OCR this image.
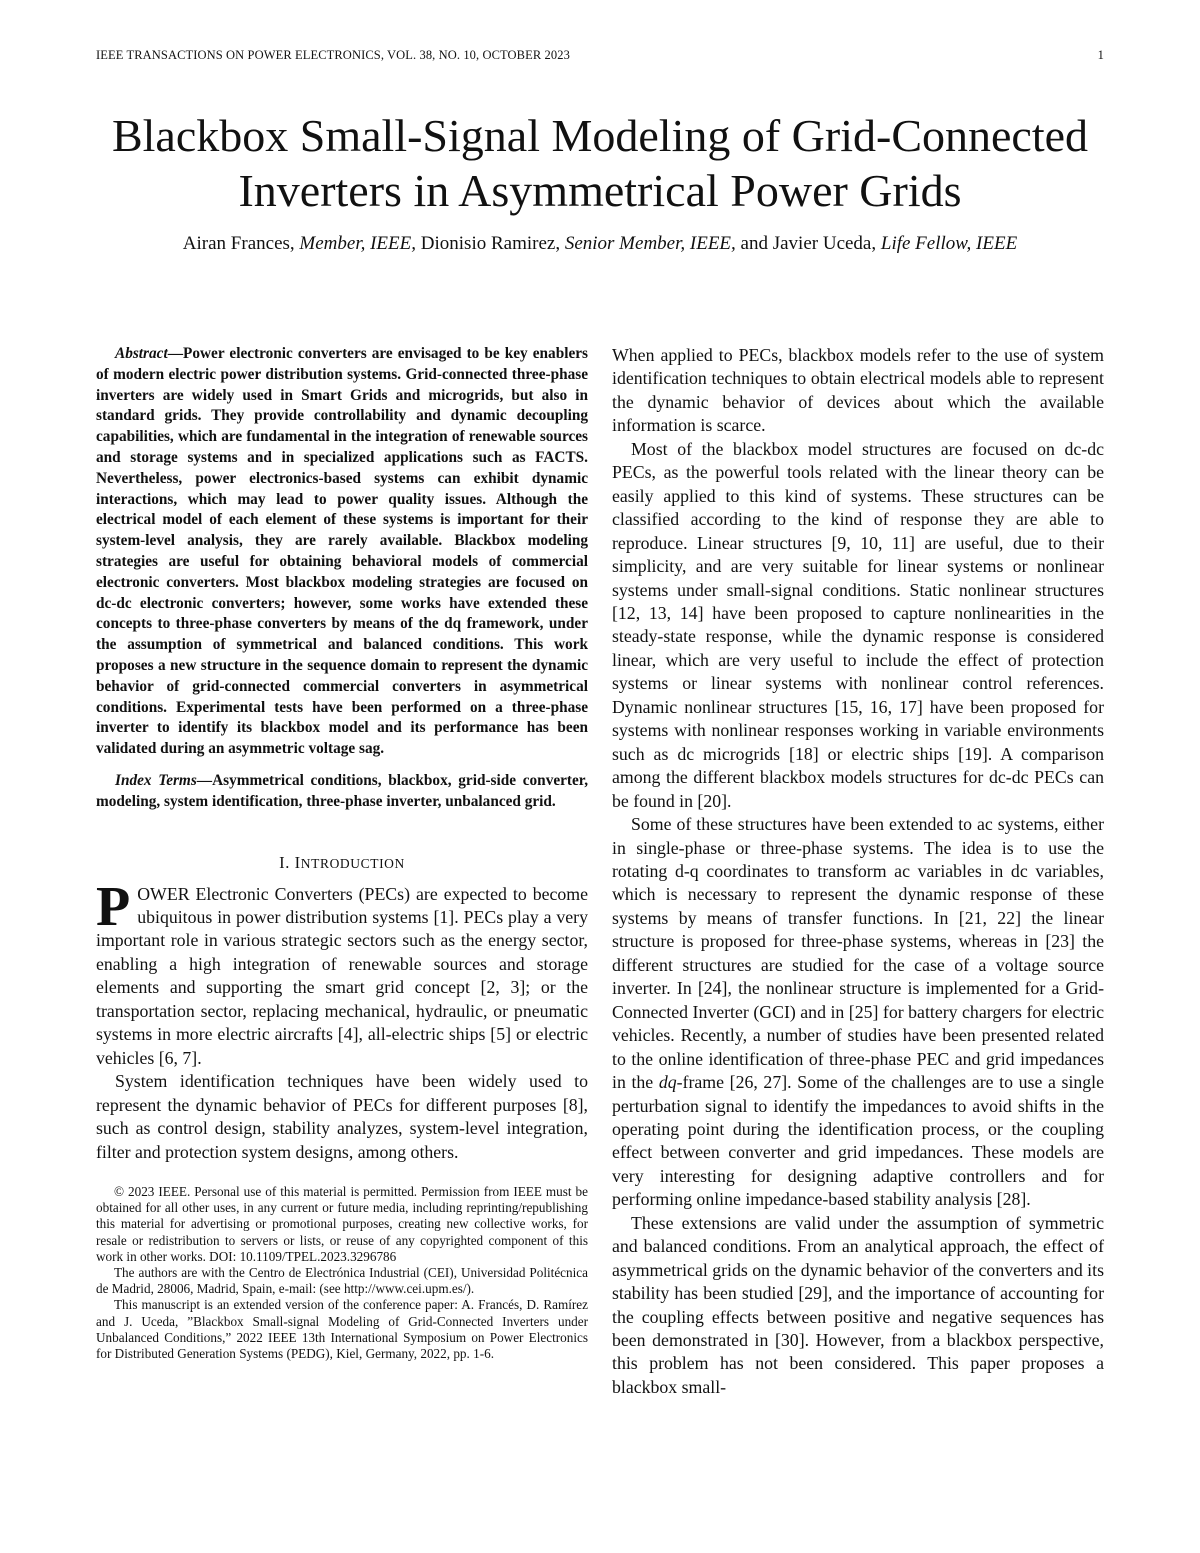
IEEE TRANSACTIONS ON POWER ELECTRONICS, VOL. 38, NO. 10, OCTOBER 2023	1
Blackbox Small-Signal Modeling of Grid-Connected Inverters in Asymmetrical Power Grids
Airan Frances, Member, IEEE, Dionisio Ramirez, Senior Member, IEEE, and Javier Uceda, Life Fellow, IEEE

Abstract—Power electronic converters are envisaged to be key enablers of modern electric power distribution systems. Grid-connected three-phase inverters are widely used in Smart Grids and microgrids, but also in standard grids. They provide controllability and dynamic decoupling capabilities, which are fundamental in the integration of renewable sources and storage systems and in specialized applications such as FACTS. Nevertheless, power electronics-based systems can exhibit dynamic interactions, which may lead to power quality issues. Although the electrical model of each element of these systems is important for their system-level analysis, they are rarely available. Blackbox modeling strategies are useful for obtaining behavioral models of commercial electronic converters. Most blackbox modeling strategies are focused on dc-dc electronic converters; however, some works have extended these concepts to three-phase converters by means of the dq framework, under the assumption of symmetrical and balanced conditions. This work proposes a new structure in the sequence domain to represent the dynamic behavior of grid-connected commercial converters in asymmetrical conditions. Experimental tests have been performed on a three-phase inverter to identify its blackbox model and its performance has been validated during an asymmetric voltage sag.

Index Terms—Asymmetrical conditions, blackbox, grid-side converter, modeling, system identification, three-phase inverter, unbalanced grid.

I. INTRODUCTION

POWER Electronic Converters (PECs) are expected to become ubiquitous in power distribution systems [1]. PECs play a very important role in various strategic sectors such as the energy sector, enabling a high integration of renewable sources and storage elements and supporting the smart grid concept [2, 3]; or the transportation sector, replacing mechanical, hydraulic, or pneumatic systems in more electric aircrafts [4], all-electric ships [5] or electric vehicles [6, 7].

System identification techniques have been widely used to represent the dynamic behavior of PECs for different purposes [8], such as control design, stability analyzes, system-level integration, filter and protection system designs, among others.

© 2023 IEEE. Personal use of this material is permitted. Permission from IEEE must be obtained for all other uses, in any current or future media, including reprinting/republishing this material for advertising or promotional purposes, creating new collective works, for resale or redistribution to servers or lists, or reuse of any copyrighted component of this work in other works. DOI: 10.1109/TPEL.2023.3296786

The authors are with the Centro de Electrónica Industrial (CEI), Universidad Politécnica de Madrid, 28006, Madrid, Spain, e-mail: (see http://www.cei.upm.es/).

This manuscript is an extended version of the conference paper: A. Francés, D. Ramírez and J. Uceda, ”Blackbox Small-signal Modeling of Grid-Connected Inverters under Unbalanced Conditions,” 2022 IEEE 13th International Symposium on Power Electronics for Distributed Generation Systems (PEDG), Kiel, Germany, 2022, pp. 1-6.

When applied to PECs, blackbox models refer to the use of system identification techniques to obtain electrical models able to represent the dynamic behavior of devices about which the available information is scarce.

Most of the blackbox model structures are focused on dc-dc PECs, as the powerful tools related with the linear theory can be easily applied to this kind of systems. These structures can be classified according to the kind of response they are able to reproduce. Linear structures [9, 10, 11] are useful, due to their simplicity, and are very suitable for linear systems or nonlinear systems under small-signal conditions. Static nonlinear structures [12, 13, 14] have been proposed to capture nonlinearities in the steady-state response, while the dynamic response is considered linear, which are very useful to include the effect of protection systems or linear systems with nonlinear control references. Dynamic nonlinear structures [15, 16, 17] have been proposed for systems with nonlinear responses working in variable environments such as dc microgrids [18] or electric ships [19]. A comparison among the different blackbox models structures for dc-dc PECs can be found in [20].

Some of these structures have been extended to ac systems, either in single-phase or three-phase systems. The idea is to use the rotating d-q coordinates to transform ac variables in dc variables, which is necessary to represent the dynamic response of these systems by means of transfer functions. In [21, 22] the linear structure is proposed for three-phase systems, whereas in [23] the different structures are studied for the case of a voltage source inverter. In [24], the nonlinear structure is implemented for a Grid-Connected Inverter (GCI) and in [25] for battery chargers for electric vehicles. Recently, a number of studies have been presented related to the online identification of three-phase PEC and grid impedances in the dq-frame [26, 27]. Some of the challenges are to use a single perturbation signal to identify the impedances to avoid shifts in the operating point during the identification process, or the coupling effect between converter and grid impedances. These models are very interesting for designing adaptive controllers and for performing online impedance-based stability analysis [28].

These extensions are valid under the assumption of symmetric and balanced conditions. From an analytical approach, the effect of asymmetrical grids on the dynamic behavior of the converters and its stability has been studied [29], and the importance of accounting for the coupling effects between positive and negative sequences has been demonstrated in [30]. However, from a blackbox perspective, this problem has not been considered. This paper proposes a blackbox small-
